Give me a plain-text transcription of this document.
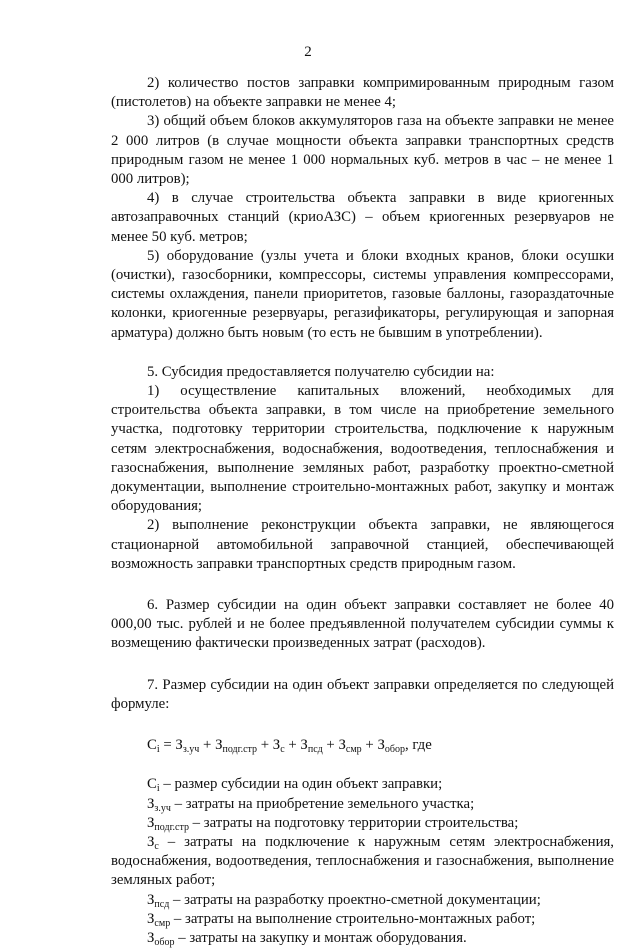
2

2) количество постов заправки компримированным природным газом (пистолетов) на объекте заправки не менее 4;

3) общий объем блоков аккумуляторов газа на объекте заправки не менее 2 000 литров (в случае мощности объекта заправки транспортных средств природным газом не менее 1 000 нормальных куб. метров в час – не менее 1 000 литров);

4) в случае строительства объекта заправки в виде криогенных автозаправочных станций (криоАЗС) – объем криогенных резервуаров не менее 50 куб. метров;

5) оборудование (узлы учета и блоки входных кранов, блоки осушки (очистки), газосборники, компрессоры, системы управления компрессорами, системы охлаждения, панели приоритетов, газовые баллоны, газораздаточные колонки, криогенные резервуары, регазификаторы, регулирующая и запорная арматура) должно быть новым (то есть не бывшим в употреблении).

5. Субсидия предоставляется получателю субсидии на:

1) осуществление капитальных вложений, необходимых для строительства объекта заправки, в том числе на приобретение земельного участка, подготовку территории строительства, подключение к наружным сетям электроснабжения, водоснабжения, водоотведения, теплоснабжения и газоснабжения, выполнение земляных работ, разработку проектно-сметной документации, выполнение строительно-монтажных работ, закупку и монтаж оборудования;

2) выполнение реконструкции объекта заправки, не являющегося стационарной автомобильной заправочной станцией, обеспечивающей возможность заправки транспортных средств природным газом.

6. Размер субсидии на один объект заправки составляет не более 40 000,00 тыс. рублей и не более предъявленной получателем субсидии суммы к возмещению фактически произведенных затрат (расходов).

7. Размер субсидии на один объект заправки определяется по следующей формуле:

$C_i = З_{з.уч} + З_{подг.стр} + З_с + З_{псд} + З_{смр} + З_{обор}$, где

$C_i$ – размер субсидии на один объект заправки;

$З_{з.уч}$ – затраты на приобретение земельного участка;

$З_{подг.стр}$ – затраты на подготовку территории строительства;

$З_с$ – затраты на подключение к наружным сетям электроснабжения, водоснабжения, водоотведения, теплоснабжения и газоснабжения, выполнение земляных работ;

$З_{псд}$ – затраты на разработку проектно-сметной документации;

$З_{смр}$ – затраты на выполнение строительно-монтажных работ;

$З_{обор}$ – затраты на закупку и монтаж оборудования.
